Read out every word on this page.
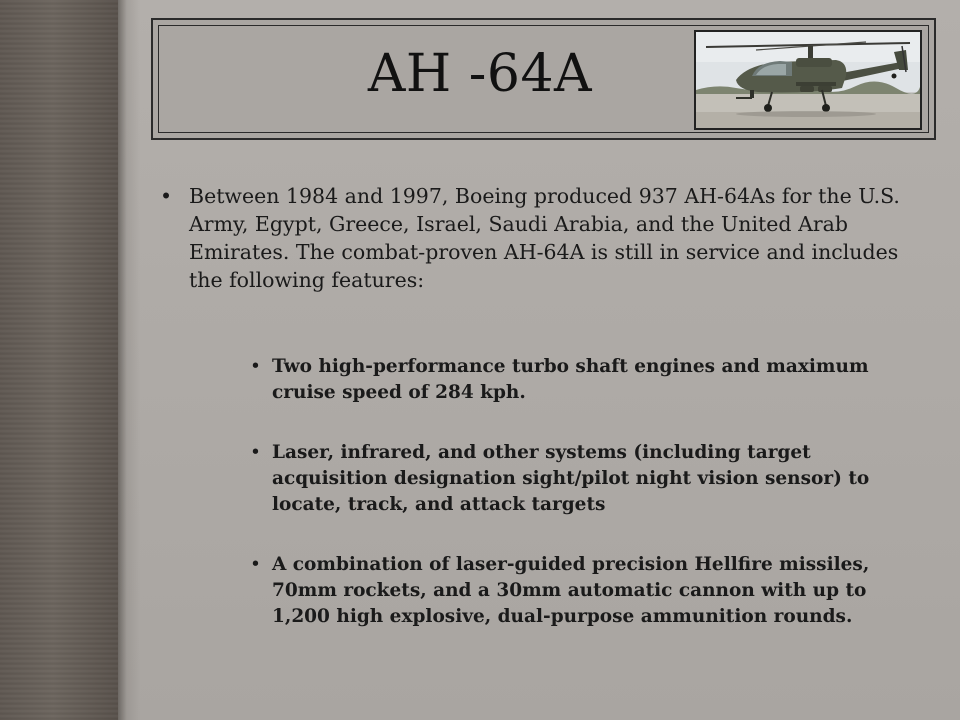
AH -64A
• Between 1984 and 1997, Boeing produced 937 AH-64As for the U.S. Army, Egypt, Greece, Israel, Saudi Arabia, and the United Arab Emirates. The combat-proven AH-64A is still in service and includes the following features:
• Two high-performance turbo shaft engines and maximum cruise speed of 284 kph.
• Laser, infrared, and other systems (including target acquisition designation sight/pilot night vision sensor) to locate, track, and attack targets
• A combination of laser-guided precision Hellfire missiles, 70mm rockets, and a 30mm automatic cannon with up to 1,200 high explosive, dual-purpose ammunition rounds.
